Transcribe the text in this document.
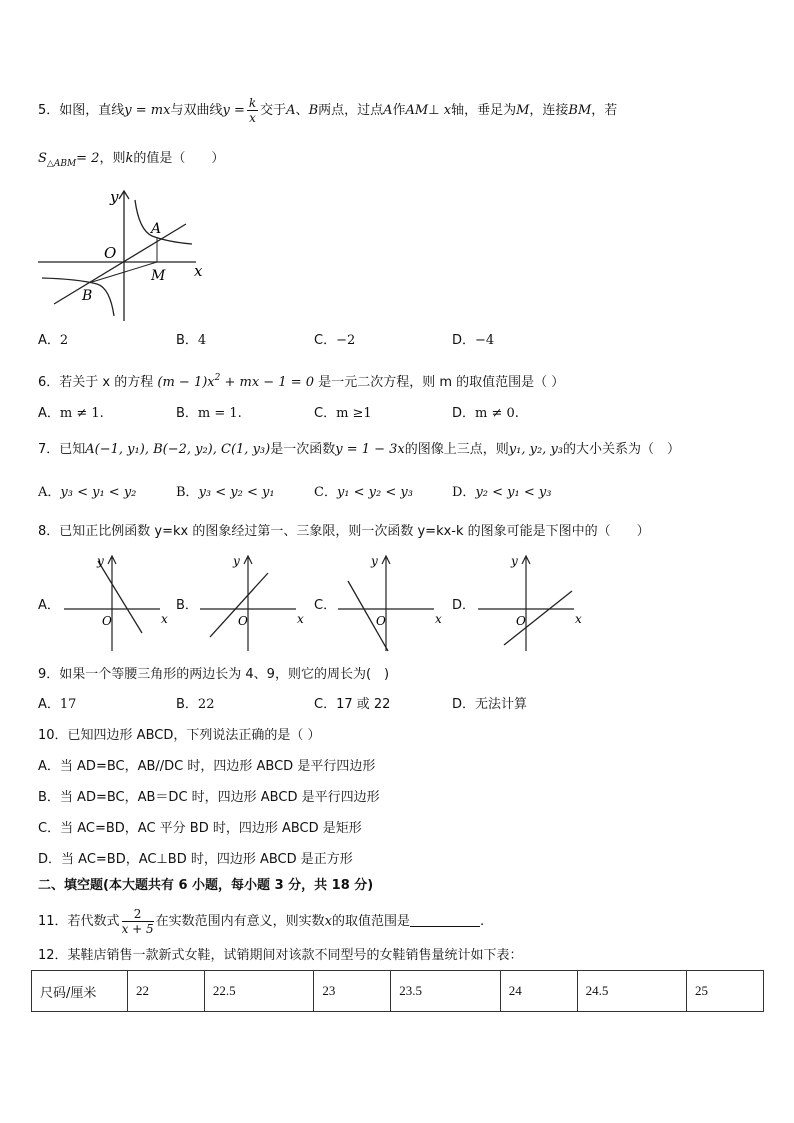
5．如图，直线y = mx与双曲线$y = \frac{k}{x}$ 交于A、B两点，过点A作AM⊥ x轴，垂足为M，连接BM，若
$S_{\triangle ABM}= 2$，则k的值是（　　）
y
O
A
M x
B
A．2	B．4	C．−2	D．−4
6．若关于 x 的方程 $(m - 1)x^2$ + mx − 1 = 0 是一元二次方程，则 m 的取值范围是（ ）
A．m ≠ 1.	B．m = 1.	C．m ≥1	D．m ≠ 0.
7．已知A(−1, y₁), B(−2, y₂), C(1, y₃)是一次函数y = 1 − 3x的图像上三点，则y₁, y₂, y₃的大小关系为（　）
A．y₃ < y₁ < y₂	B．y₃ < y₂ < y₁	C．y₁ < y₂ < y₃	D．y₂ < y₁ < y₃
8．已知正比例函数 y=kx 的图象经过第一、三象限，则一次函数 y=kx-k 的图象可能是下图中的（　　）
A．
y
O	x
B．
y
O	x
C．
y
O	x
D．
y
O	x
9．如果一个等腰三角形的两边长为 4、9，则它的周长为(　)
A．17	B．22	C．17 或 22	D．无法计算
10．已知四边形 ABCD，下列说法正确的是（ ）
A．当 AD=BC，AB//DC 时，四边形 ABCD 是平行四边形
B．当 AD=BC，AB＝DC 时，四边形 ABCD 是平行四边形
C．当 AC=BD，AC 平分 BD 时，四边形 ABCD 是矩形
D．当 AC=BD，AC⊥BD 时，四边形 ABCD 是正方形
二、填空题(本大题共有 6 小题，每小题 3 分，共 18 分)
11．若代数式 $\frac{2}{x + 5}$ 在实数范围内有意义，则实数x的取值范围是	.
12．某鞋店销售一款新式女鞋，试销期间对该款不同型号的女鞋销售量统计如下表：
尺码/厘米	22	22.5	23	23.5	24	24.5	25
